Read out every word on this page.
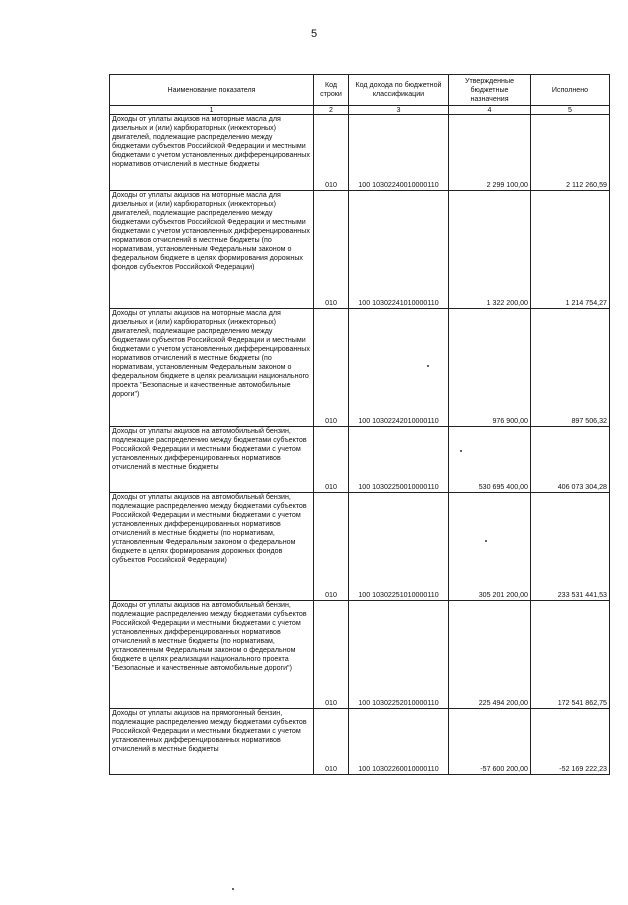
5
Наименование показателя	Код строки	Код дохода по бюджетной классификации	Утвержденные бюджетные назначения	Исполнено
1	2	3	4	5
Доходы от уплаты акцизов на моторные масла для дизельных и (или) карбюраторных (инжекторных) двигателей, подлежащие распределению между бюджетами субъектов Российской Федерации и местными бюджетами с учетом установленных дифференцированных нормативов отчислений в местные бюджеты	010	100 10302240010000110	2 299 100,00	2 112 260,59
Доходы от уплаты акцизов на моторные масла для дизельных и (или) карбюраторных (инжекторных) двигателей, подлежащие распределению между бюджетами субъектов Российской Федерации и местными бюджетами с учетом установленных дифференцированных нормативов отчислений в местные бюджеты (по нормативам, установленным Федеральным законом о федеральном бюджете в целях формирования дорожных фондов субъектов Российской Федерации)	010	100 10302241010000110	1 322 200,00	1 214 754,27
Доходы от уплаты акцизов на моторные масла для дизельных и (или) карбюраторных (инжекторных) двигателей, подлежащие распределению между бюджетами субъектов Российской Федерации и местными бюджетами с учетом установленных дифференцированных нормативов отчислений в местные бюджеты (по нормативам, установленным Федеральным законом о федеральном бюджете в целях реализации национального проекта "Безопасные и качественные автомобильные дороги")	010	100 10302242010000110	976 900,00	897 506,32
Доходы от уплаты акцизов на автомобильный бензин, подлежащие распределению между бюджетами субъектов Российской Федерации и местными бюджетами с учетом установленных дифференцированных нормативов отчислений в местные бюджеты	010	100 10302250010000110	530 695 400,00	406 073 304,28
Доходы от уплаты акцизов на автомобильный бензин, подлежащие распределению между бюджетами субъектов Российской Федерации и местными бюджетами с учетом установленных дифференцированных нормативов отчислений в местные бюджеты (по нормативам, установленным Федеральным законом о федеральном бюджете в целях формирования дорожных фондов субъектов Российской Федерации)	010	100 10302251010000110	305 201 200,00	233 531 441,53
Доходы от уплаты акцизов на автомобильный бензин, подлежащие распределению между бюджетами субъектов Российской Федерации и местными бюджетами с учетом установленных дифференцированных нормативов отчислений в местные бюджеты (по нормативам, установленным Федеральным законом о федеральном бюджете в целях реализации национального проекта "Безопасные и качественные автомобильные дороги")	010	100 10302252010000110	225 494 200,00	172 541 862,75
Доходы от уплаты акцизов на прямогонный бензин, подлежащие распределению между бюджетами субъектов Российской Федерации и местными бюджетами с учетом установленных дифференцированных нормативов отчислений в местные бюджеты	010	100 10302260010000110	-57 600 200,00	-52 169 222,23
